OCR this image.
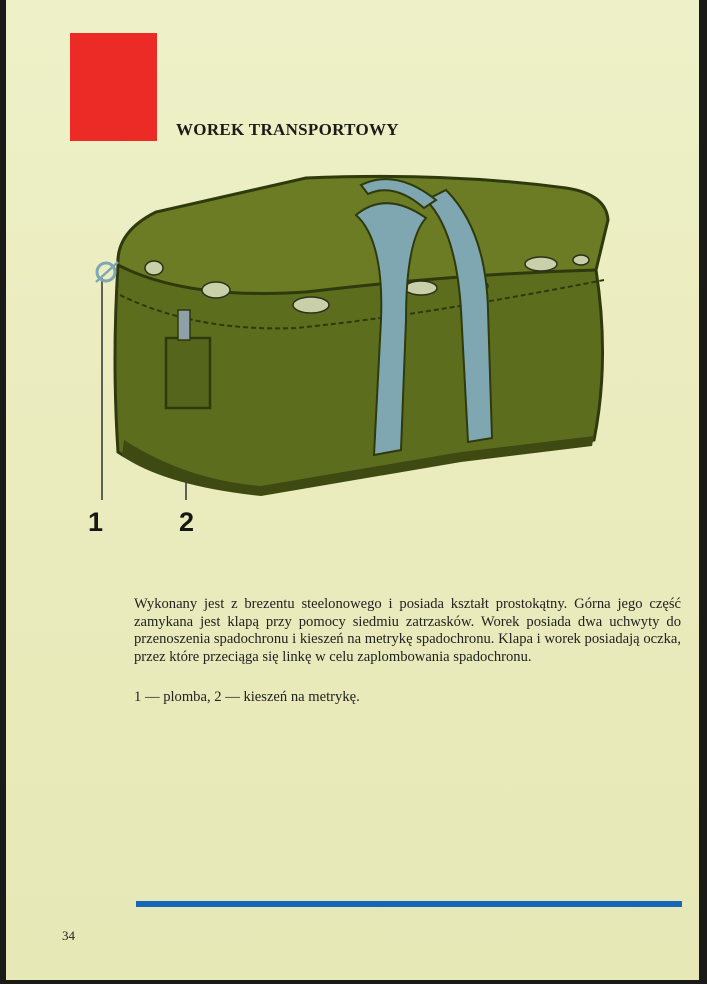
WOREK TRANSPORTOWY
1	2

Wykonany jest z brezentu steelonowego i posiada kształt prostokątny. Górna jego część zamykana jest klapą przy pomocy siedmiu zatrzasków. Worek posiada dwa uchwyty do przenoszenia spadochronu i kieszeń na metrykę spadochronu. Klapa i worek posiadają oczka, przez które przeciąga się linkę w celu zaplombowania spadochronu.

1 — plomba, 2 — kieszeń na metrykę.

34
